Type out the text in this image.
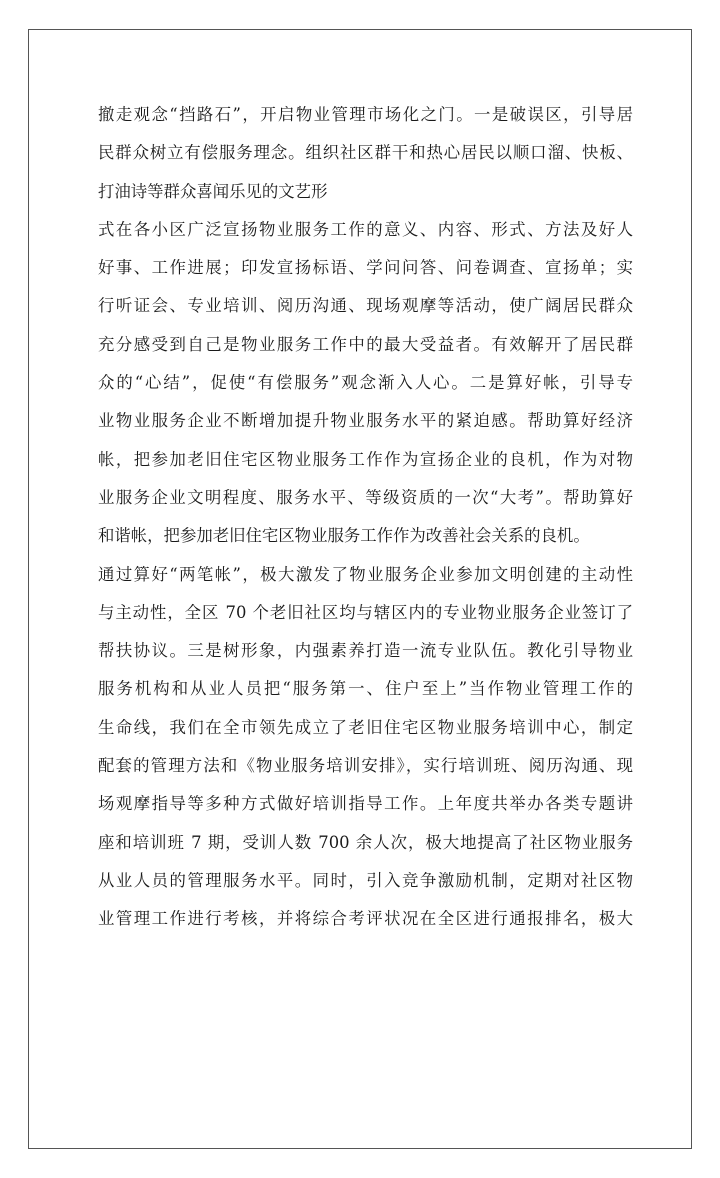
撤走观念“挡路石”，开启物业管理市场化之门。一是破误区，引导居
民群众树立有偿服务理念。组织社区群干和热心居民以顺口溜、快板、
打油诗等群众喜闻乐见的文艺形
式在各小区广泛宣扬物业服务工作的意义、内容、形式、方法及好人
好事、工作进展；印发宣扬标语、学问问答、问卷调查、宣扬单；实
行听证会、专业培训、阅历沟通、现场观摩等活动，使广阔居民群众
充分感受到自己是物业服务工作中的最大受益者。有效解开了居民群
众的“心结”，促使“有偿服务”观念渐入人心。二是算好帐，引导专
业物业服务企业不断增加提升物业服务水平的紧迫感。帮助算好经济
帐，把参加老旧住宅区物业服务工作作为宣扬企业的良机，作为对物
业服务企业文明程度、服务水平、等级资质的一次“大考”。帮助算好
和谐帐，把参加老旧住宅区物业服务工作作为改善社会关系的良机。
通过算好“两笔帐”，极大激发了物业服务企业参加文明创建的主动性
与主动性，全区 70 个老旧社区均与辖区内的专业物业服务企业签订了
帮扶协议。三是树形象，内强素养打造一流专业队伍。教化引导物业
服务机构和从业人员把“服务第一、住户至上”当作物业管理工作的
生命线，我们在全市领先成立了老旧住宅区物业服务培训中心，制定
配套的管理方法和《物业服务培训安排》，实行培训班、阅历沟通、现
场观摩指导等多种方式做好培训指导工作。上年度共举办各类专题讲
座和培训班 7 期，受训人数 700 余人次，极大地提高了社区物业服务
从业人员的管理服务水平。同时，引入竞争激励机制，定期对社区物
业管理工作进行考核，并将综合考评状况在全区进行通报排名，极大
